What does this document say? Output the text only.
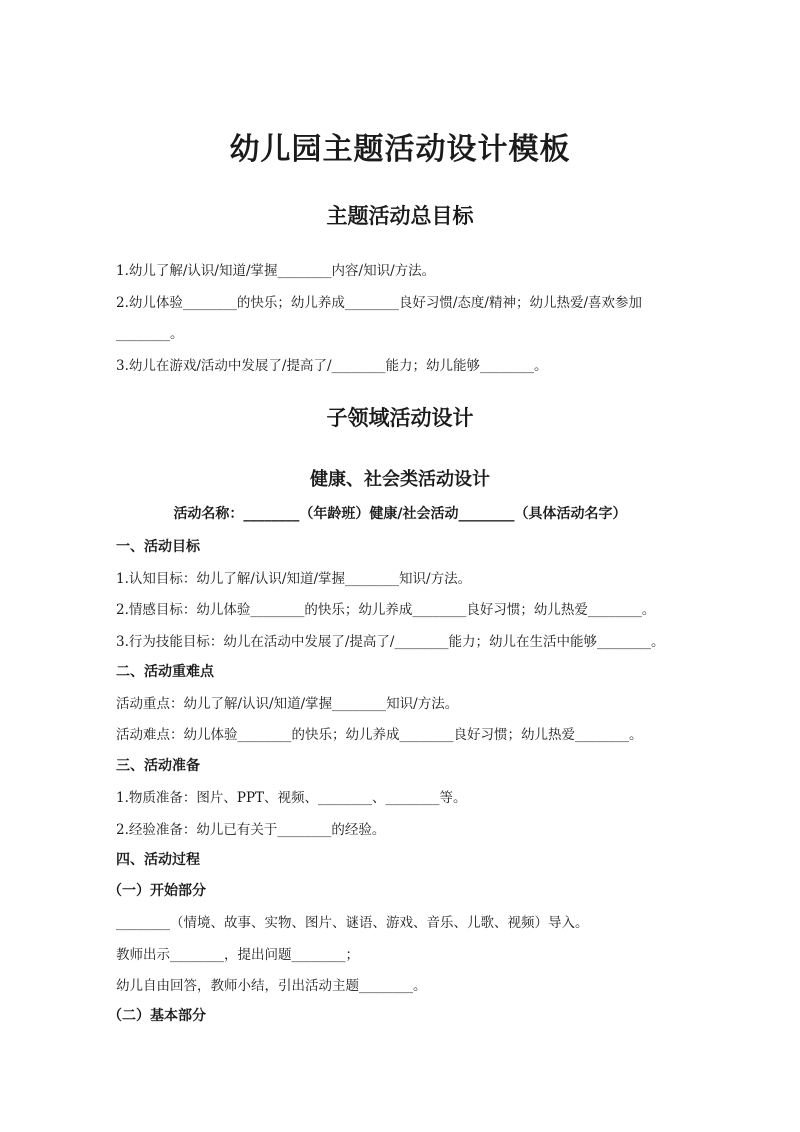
幼儿园主题活动设计模板
主题活动总目标
1.幼儿了解/认识/知道/掌握________内容/知识/方法。
2.幼儿体验________的快乐；幼儿养成________良好习惯/态度/精神；幼儿热爱/喜欢参加
________。
3.幼儿在游戏/活动中发展了/提高了/________能力；幼儿能够________。
子领域活动设计
健康、社会类活动设计
活动名称：________（年龄班）健康/社会活动________（具体活动名字）
一、活动目标
1.认知目标：幼儿了解/认识/知道/掌握________知识/方法。
2.情感目标：幼儿体验________的快乐；幼儿养成________良好习惯；幼儿热爱________。
3.行为技能目标：幼儿在活动中发展了/提高了/________能力；幼儿在生活中能够________。
二、活动重难点
活动重点：幼儿了解/认识/知道/掌握________知识/方法。
活动难点：幼儿体验________的快乐；幼儿养成________良好习惯；幼儿热爱________。
三、活动准备
1.物质准备：图片、PPT、视频、________、________等。
2.经验准备：幼儿已有关于________的经验。
四、活动过程
（一）开始部分
________（情境、故事、实物、图片、谜语、游戏、音乐、儿歌、视频）导入。
教师出示________，提出问题________；
幼儿自由回答，教师小结，引出活动主题________。
（二）基本部分
